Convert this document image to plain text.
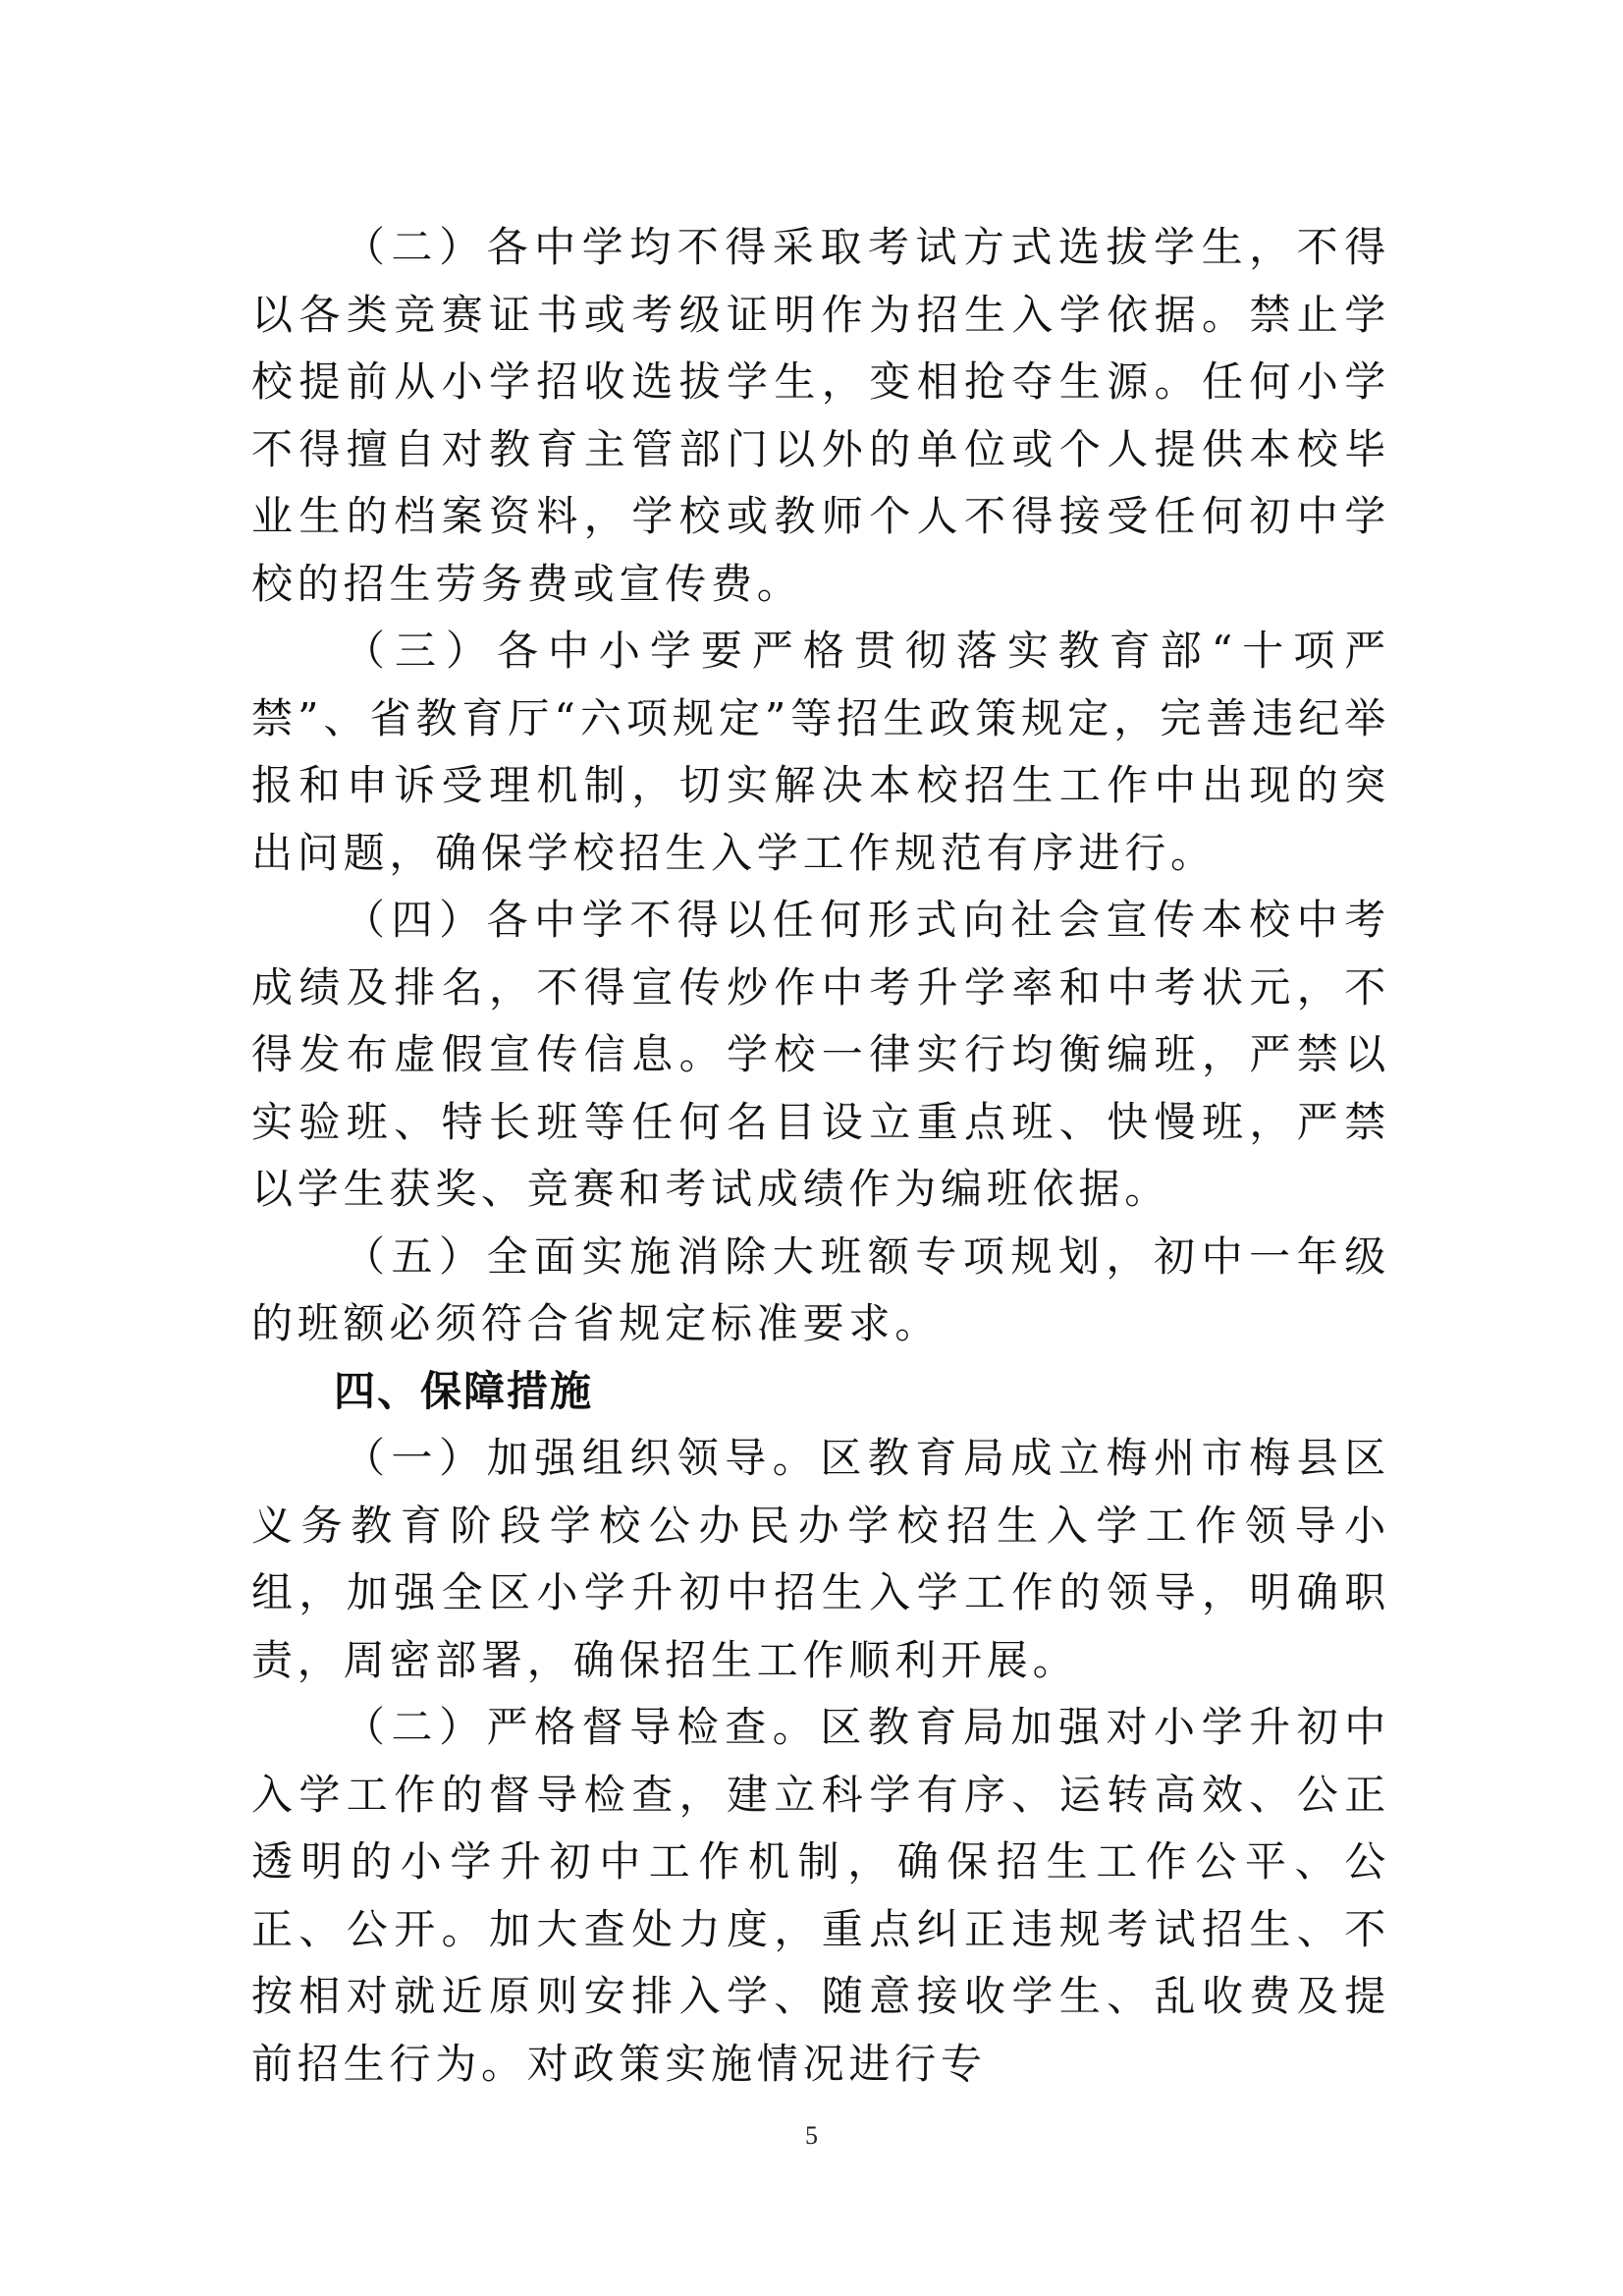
（二）各中学均不得采取考试方式选拔学生，不得以各类竞赛证书或考级证明作为招生入学依据。禁止学校提前从小学招收选拔学生，变相抢夺生源。任何小学不得擅自对教育主管部门以外的单位或个人提供本校毕业生的档案资料，学校或教师个人不得接受任何初中学校的招生劳务费或宣传费。

（三）各中小学要严格贯彻落实教育部“十项严禁”、省教育厅“六项规定”等招生政策规定，完善违纪举报和申诉受理机制，切实解决本校招生工作中出现的突出问题，确保学校招生入学工作规范有序进行。

（四）各中学不得以任何形式向社会宣传本校中考成绩及排名，不得宣传炒作中考升学率和中考状元，不得发布虚假宣传信息。学校一律实行均衡编班，严禁以实验班、特长班等任何名目设立重点班、快慢班，严禁以学生获奖、竞赛和考试成绩作为编班依据。

（五）全面实施消除大班额专项规划，初中一年级的班额必须符合省规定标准要求。

四、保障措施

（一）加强组织领导。区教育局成立梅州市梅县区义务教育阶段学校公办民办学校招生入学工作领导小组，加强全区小学升初中招生入学工作的领导，明确职责，周密部署，确保招生工作顺利开展。

（二）严格督导检查。区教育局加强对小学升初中入学工作的督导检查，建立科学有序、运转高效、公正透明的小学升初中工作机制，确保招生工作公平、公正、公开。加大查处力度，重点纠正违规考试招生、不按相对就近原则安排入学、随意接收学生、乱收费及提前招生行为。对政策实施情况进行专

5
